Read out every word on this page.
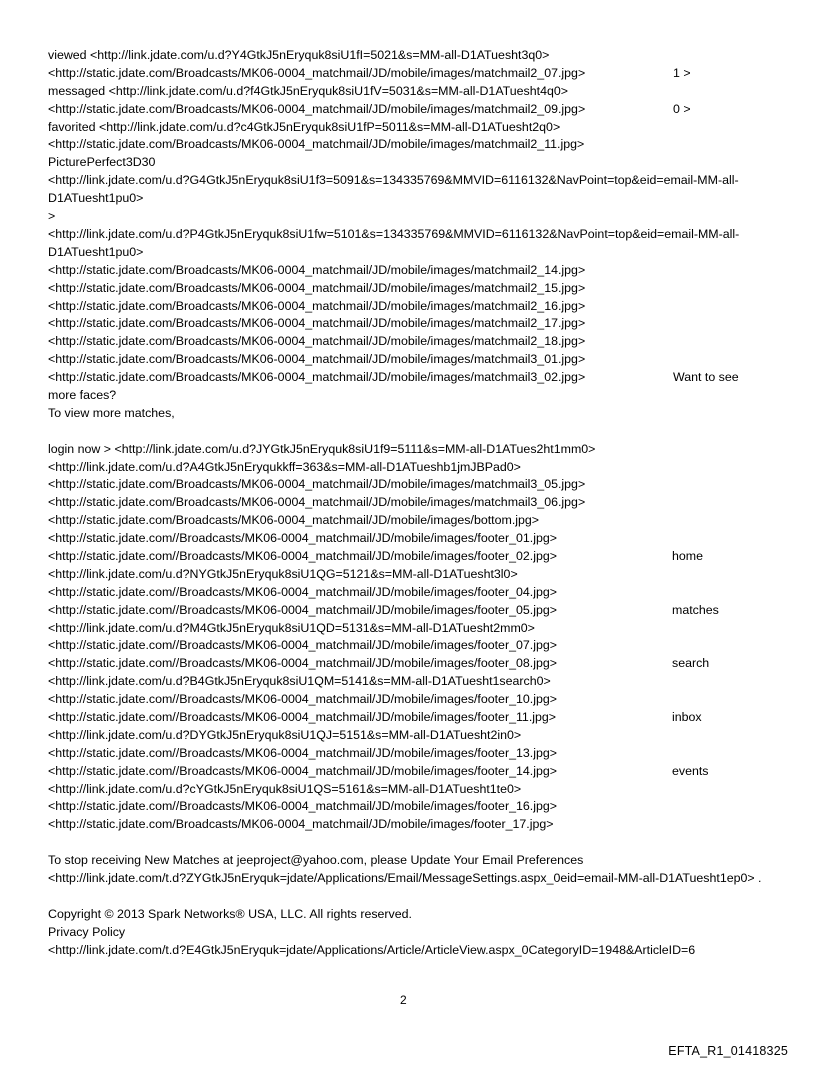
viewed <http://link.jdate.com/u.d?Y4GtkJ5nEryquk8siU1fI=5021&s=MM-all-D1ATuesht3q0>
<http://static.jdate.com/Broadcasts/MK06-0004_matchmail/JD/mobile/images/matchmail2_07.jpg>	1 >
messaged <http://link.jdate.com/u.d?f4GtkJ5nEryquk8siU1fV=5031&s=MM-all-D1ATuesht4q0>
<http://static.jdate.com/Broadcasts/MK06-0004_matchmail/JD/mobile/images/matchmail2_09.jpg>	0 >
favorited <http://link.jdate.com/u.d?c4GtkJ5nEryquk8siU1fP=5011&s=MM-all-D1ATuesht2q0>
<http://static.jdate.com/Broadcasts/MK06-0004_matchmail/JD/mobile/images/matchmail2_11.jpg>
PicturePerfect3D30
<http://link.jdate.com/u.d?G4GtkJ5nEryquk8siU1f3=5091&s=134335769&MMVID=6116132&NavPoint=top&eid=email-MM-all-D1ATuesht1pu0>
>
<http://link.jdate.com/u.d?P4GtkJ5nEryquk8siU1fw=5101&s=134335769&MMVID=6116132&NavPoint=top&eid=email-MM-all-D1ATuesht1pu0>
<http://static.jdate.com/Broadcasts/MK06-0004_matchmail/JD/mobile/images/matchmail2_14.jpg>
<http://static.jdate.com/Broadcasts/MK06-0004_matchmail/JD/mobile/images/matchmail2_15.jpg>
<http://static.jdate.com/Broadcasts/MK06-0004_matchmail/JD/mobile/images/matchmail2_16.jpg>
<http://static.jdate.com/Broadcasts/MK06-0004_matchmail/JD/mobile/images/matchmail2_17.jpg>
<http://static.jdate.com/Broadcasts/MK06-0004_matchmail/JD/mobile/images/matchmail2_18.jpg>
<http://static.jdate.com/Broadcasts/MK06-0004_matchmail/JD/mobile/images/matchmail3_01.jpg>
<http://static.jdate.com/Broadcasts/MK06-0004_matchmail/JD/mobile/images/matchmail3_02.jpg>	Want to see
more faces?
To view more matches,
login now > <http://link.jdate.com/u.d?JYGtkJ5nEryquk8siU1f9=5111&s=MM-all-D1ATues2ht1mm0>
<http://link.jdate.com/u.d?A4GtkJ5nEryqukkff=363&s=MM-all-D1ATueshb1jmJBPad0>
<http://static.jdate.com/Broadcasts/MK06-0004_matchmail/JD/mobile/images/matchmail3_05.jpg>
<http://static.jdate.com/Broadcasts/MK06-0004_matchmail/JD/mobile/images/matchmail3_06.jpg>
<http://static.jdate.com/Broadcasts/MK06-0004_matchmail/JD/mobile/images/bottom.jpg>
<http://static.jdate.com//Broadcasts/MK06-0004_matchmail/JD/mobile/images/footer_01.jpg>
<http://static.jdate.com//Broadcasts/MK06-0004_matchmail/JD/mobile/images/footer_02.jpg>	home
<http://link.jdate.com/u.d?NYGtkJ5nEryquk8siU1QG=5121&s=MM-all-D1ATuesht3l0>
<http://static.jdate.com//Broadcasts/MK06-0004_matchmail/JD/mobile/images/footer_04.jpg>
<http://static.jdate.com//Broadcasts/MK06-0004_matchmail/JD/mobile/images/footer_05.jpg>	matches
<http://link.jdate.com/u.d?M4GtkJ5nEryquk8siU1QD=5131&s=MM-all-D1ATuesht2mm0>
<http://static.jdate.com//Broadcasts/MK06-0004_matchmail/JD/mobile/images/footer_07.jpg>
<http://static.jdate.com//Broadcasts/MK06-0004_matchmail/JD/mobile/images/footer_08.jpg>	search
<http://link.jdate.com/u.d?B4GtkJ5nEryquk8siU1QM=5141&s=MM-all-D1ATuesht1search0>
<http://static.jdate.com//Broadcasts/MK06-0004_matchmail/JD/mobile/images/footer_10.jpg>
<http://static.jdate.com//Broadcasts/MK06-0004_matchmail/JD/mobile/images/footer_11.jpg>	inbox
<http://link.jdate.com/u.d?DYGtkJ5nEryquk8siU1QJ=5151&s=MM-all-D1ATuesht2in0>
<http://static.jdate.com//Broadcasts/MK06-0004_matchmail/JD/mobile/images/footer_13.jpg>
<http://static.jdate.com//Broadcasts/MK06-0004_matchmail/JD/mobile/images/footer_14.jpg>	events
<http://link.jdate.com/u.d?cYGtkJ5nEryquk8siU1QS=5161&s=MM-all-D1ATuesht1te0>
<http://static.jdate.com//Broadcasts/MK06-0004_matchmail/JD/mobile/images/footer_16.jpg>
<http://static.jdate.com/Broadcasts/MK06-0004_matchmail/JD/mobile/images/footer_17.jpg>
To stop receiving New Matches at jeeproject@yahoo.com, please Update Your Email Preferences
<http://link.jdate.com/t.d?ZYGtkJ5nEryquk=jdate/Applications/Email/MessageSettings.aspx_0eid=email-MM-all-D1ATuesht1ep0> .
Copyright © 2013 Spark Networks® USA, LLC. All rights reserved.
Privacy Policy
<http://link.jdate.com/t.d?E4GtkJ5nEryquk=jdate/Applications/Article/ArticleView.aspx_0CategoryID=1948&ArticleID=6
2
EFTA_R1_01418325
